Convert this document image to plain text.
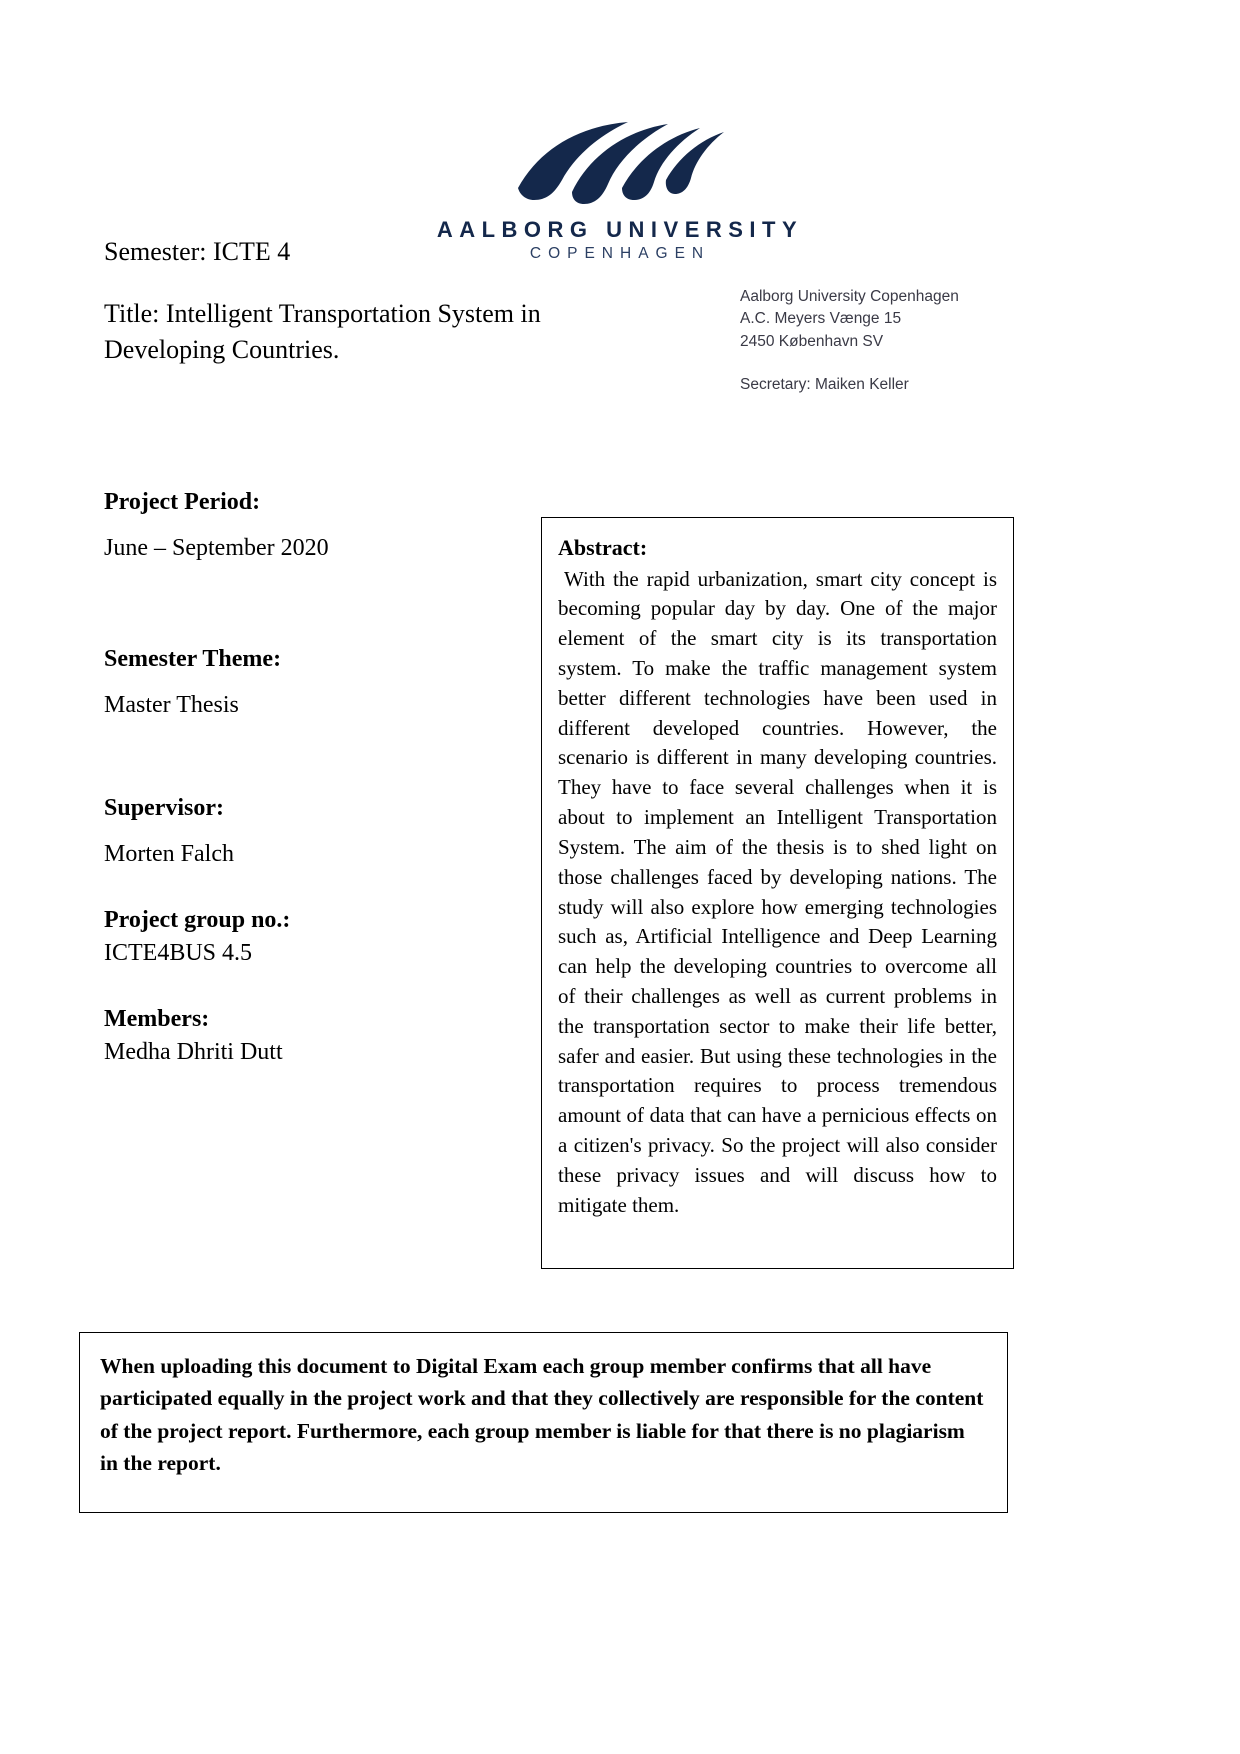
AALBORG UNIVERSITY
COPENHAGEN
Semester: ICTE 4
Title: Intelligent Transportation System in Developing Countries.
Aalborg University Copenhagen
A.C. Meyers Vænge 15
2450 København SV
Secretary: Maiken Keller

Project Period:

June – September 2020

Semester Theme:

Master Thesis

Supervisor:

Morten Falch

Project group no.:

ICTE4BUS 4.5

Members:

Medha Dhriti Dutt

Abstract:

With the rapid urbanization, smart city concept is becoming popular day by day. One of the major element of the smart city is its transportation system. To make the traffic management system better different technologies have been used in different developed countries. However, the scenario is different in many developing countries. They have to face several challenges when it is about to implement an Intelligent Transportation System. The aim of the thesis is to shed light on those challenges faced by developing nations. The study will also explore how emerging technologies such as, Artificial Intelligence and Deep Learning can help the developing countries to overcome all of their challenges as well as current problems in the transportation sector to make their life better, safer and easier. But using these technologies in the transportation requires to process tremendous amount of data that can have a pernicious effects on a citizen's privacy. So the project will also consider these privacy issues and will discuss how to mitigate them.

When uploading this document to Digital Exam each group member confirms that all have participated equally in the project work and that they collectively are responsible for the content of the project report. Furthermore, each group member is liable for that there is no plagiarism in the report.
